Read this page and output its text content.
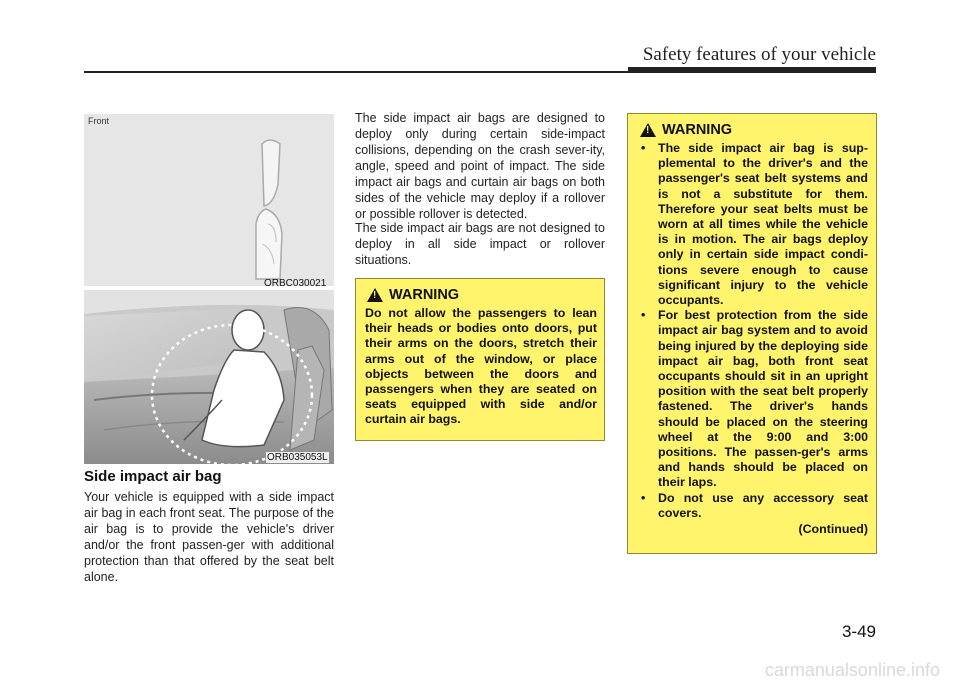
Safety features of your vehicle
Front
ORBC030021
ORB035053L
Side impact air bag

Your vehicle is equipped with a side impact air bag in each front seat. The purpose of the air bag is to provide the vehicle's driver and/or the front passen-ger with additional protection than that offered by the seat belt alone.

The side impact air bags are designed to deploy only during certain side-impact collisions, depending on the crash sever-ity, angle, speed and point of impact. The side impact air bags and curtain air bags on both sides of the vehicle may deploy if a rollover or possible rollover is detected.

The side impact air bags are not designed to deploy in all side impact or rollover situations.

!
WARNING

Do not allow the passengers to lean their heads or bodies onto doors, put their arms on the doors, stretch their arms out of the window, or place objects between the doors and passengers when they are seated on seats equipped with side and/or curtain air bags.

!
WARNING
• The side impact air bag is sup-plemental to the driver's and the passenger's seat belt systems and is not a substitute for them. Therefore your seat belts must be worn at all times while the vehicle is in motion. The air bags deploy only in certain side impact condi-tions severe enough to cause significant injury to the vehicle occupants.
• For best protection from the side impact air bag system and to avoid being injured by the deploying side impact air bag, both front seat occupants should sit in an upright position with the seat belt properly fastened. The driver's hands should be placed on the steering wheel at the 9:00 and 3:00 positions. The passen-ger's arms and hands should be placed on their laps.
• Do not use any accessory seat covers.
(Continued)
3-49
carmanualsonline.info
